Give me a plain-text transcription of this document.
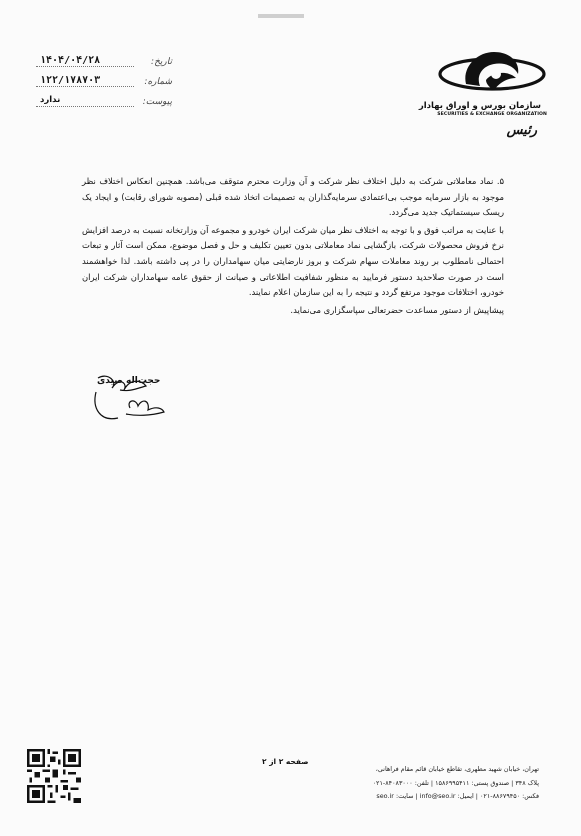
سازمان بورس و اوراق بهادار
SECURITIES & EXCHANGE ORGANIZATION
رئیس
تاریخ:
۱۴۰۴/۰۴/۲۸
شماره:
۱۲۲/۱۷۸۷۰۳
پیوست:
ندارد

۵. نماد معاملاتی شرکت به دلیل اختلاف نظر شرکت و آن وزارت محترم متوقف می‌باشد. همچنین انعکاس اختلاف نظر موجود به بازار سرمایه موجب بی‌اعتمادی سرمایه‌گذاران به تصمیمات اتخاذ شده قبلی (مصوبه شورای رقابت) و ایجاد یک ریسک سیستماتیک جدید می‌گردد.

با عنایت به مراتب فوق و با توجه به اختلاف نظر میان شرکت ایران خودرو و مجموعه آن وزارتخانه نسبت به درصد افزایش نرخ فروش محصولات شرکت، بازگشایی نماد معاملاتی بدون تعیین تکلیف و حل و فصل موضوع، ممکن است آثار و تبعات احتمالی نامطلوب بر روند معاملات سهام شرکت و بروز نارضایتی میان سهامداران را در پی داشته باشد. لذا خواهشمند است در صورت صلاحدید دستور فرمایید به منظور شفافیت اطلاعاتی و صیانت از حقوق عامه سهامداران شرکت ایران خودرو، اختلافات موجود مرتفع گردد و نتیجه را به این سازمان اعلام نمایند.

پیشاپیش از دستور مساعدت حضرتعالی سپاسگزاری می‌نماید.

حجت‌اله صیدی
صفحه ۲ از ۲
تهران، خیابان شهید مطهری، تقاطع خیابان قائم مقام فراهانی،
پلاک ۳۴۸ | صندوق پستی: ۱۵۸۶۹۹۵۴۱۱ | تلفن: ۸۴۰۸۳۰۰۰-۰۲۱
فکس: ۸۸۶۷۹۴۵۰-۰۲۱ | ایمیل: info@seo.ir | سایت: seo.ir
